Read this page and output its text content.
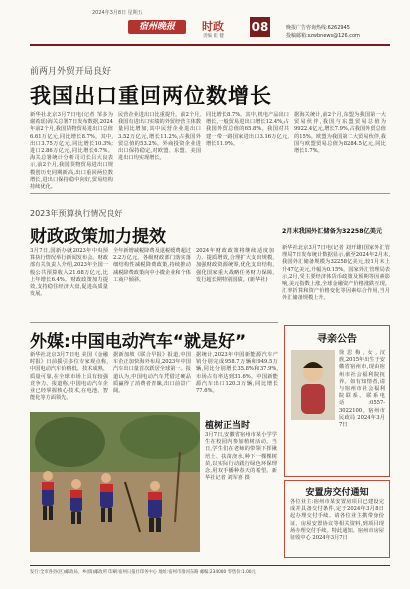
2024年3月8日 星期五
宿州晚报	时政
责编 崔 健
08	晚报广告咨询热线:6262945
投稿邮箱:szwbnews@126.com
前两月外贸开局良好
我国出口重回两位数增长
新华社北京3月7日电(记者 邹多为 谢希瑶)海关总署7日发布数据,2024年前2个月,我国货物贸易进出口总值6.61万亿元,同比增长8.7%。其中,出口3.75万亿元,同比增长10.3%;进口2.86万亿元,同比增长6.7%。海关总署统计分析司司长吕大良表示,前2个月,我国货物贸易进出口规模创历史同期新高,出口重回两位数增长,进出口保持稳中向好,贸易结构持续优化。
民营企业进出口比重提升。前2个月,我国有进出口实绩的外贸经营主体数量同比增加,其中民营企业进出口3.52万亿元,增长11.2%,占我国外贸总值的53.2%。外商投资企业进出口保持稳定,对欧盟、东盟、美国进出口均实现增长。
同比增长8.7%。其中,机电产品出口增长,一般贸易进出口增长12.4%,占我国外贸总值的65.8%。我国对共建一带一路国家进出口3.16万亿元,增长11.9%。
据海关统计,前2个月,东盟为我国第一大贸易伙伴,我国与东盟贸易总值为9922.4亿元,增长7.9%,占我国外贸总值的15%。欧盟为我国第二大贸易伙伴,我国与欧盟贸易总值为8284.5亿元,同比增长1.7%。
2023年预算执行情况良好
财政政策加力提效
3月7日,国新办就2023年中央预算执行情况举行新闻发布会。财政部有关负责人介绍,2023年全国一般公共预算收入21.68万亿元,比上年增长6.4%。财政政策加力提效,支持稳住经济大盘,促进高质量发展。
全年新增减税降费及退税缓费超过2.2万亿元。各级财政部门落实落细结构性减税降费政策,持续推动减税降费政策向中小微企业和个体工商户倾斜。
2024年财政政策将继续适度加力、提质增效,合理扩大支出规模,加强财政资源统筹,优化支出结构,强化国家重大战略任务财力保障,发行超长期特别国债。(新华社)
2月末我国外汇储备为32258亿美元
新华社北京3月7日电(记者 刘开雄)国家外汇管理局7日发布统计数据显示,截至2024年2月末,我国外汇储备规模为32258亿美元,较1月末上升47亿美元,升幅为0.15%。国家外汇管理局表示,2月,受主要经济体货币政策及预期等因素影响,美元指数上涨,全球金融资产价格涨跌互现。汇率折算和资产价格变化等因素综合作用,当月外汇储备规模上升。
外媒:中国电动汽车“就是好”
新华社北京3月7日电 美国《金融时报》日前援引多位专家观点称,中国电动汽车价格低、技术成熟、质量可靠,在全球市场上具有较强竞争力。报道称,中国电动汽车企业已经掌握核心技术,在电池、智能化等方面领先。
据新加坡《联合早报》报道,中国车企正加快海外布局,2023年中国汽车出口量首次跃居全球第一。报道认为,中国电动汽车凭借过硬品质赢得了消费者青睐,出口前景广阔。
据统计,2023年中国新能源汽车产销分别完成958.7万辆和949.5万辆,同比分别增长35.8%和37.9%,市场占有率达到31.6%。中国新能源汽车出口120.3万辆,同比增长77.6%。
植树正当时
3月7日,安徽省宿州市某小学学生在校园内参加植树活动。当日,学生们在老师的带领下挥锹培土、扶苗浇水,种下一棵棵树苗,以实际行动践行绿色环保理念,用双手播种春天的希望。新华社记者 刘军喜 摄
寻亲公告
徐思梅,女,汉族,2015年出生于安徽省宿州市,现由宿州市社会福利院抚养。如有知情者,请与宿州市社会福利院联系。联系电话:0557-3022100。宿州市民政局 2024年3月7日
安置房交付通知
各位业主:宿州市某安置房项目已建设完成并具备交付条件,定于2024年3月8日起办理交付手续。请各位业主携带身份证、房屋安置协议等相关资料,到项目现场办理交付手续。特此通知。宿州市房屋征收中心 2024年3月7日
发行:全市各县(区)邮政局、乡(镇)邮政所 印刷:宿州日报社印务中心 地址:宿州市淮河东路 邮编:234000 零售价:1.00元
